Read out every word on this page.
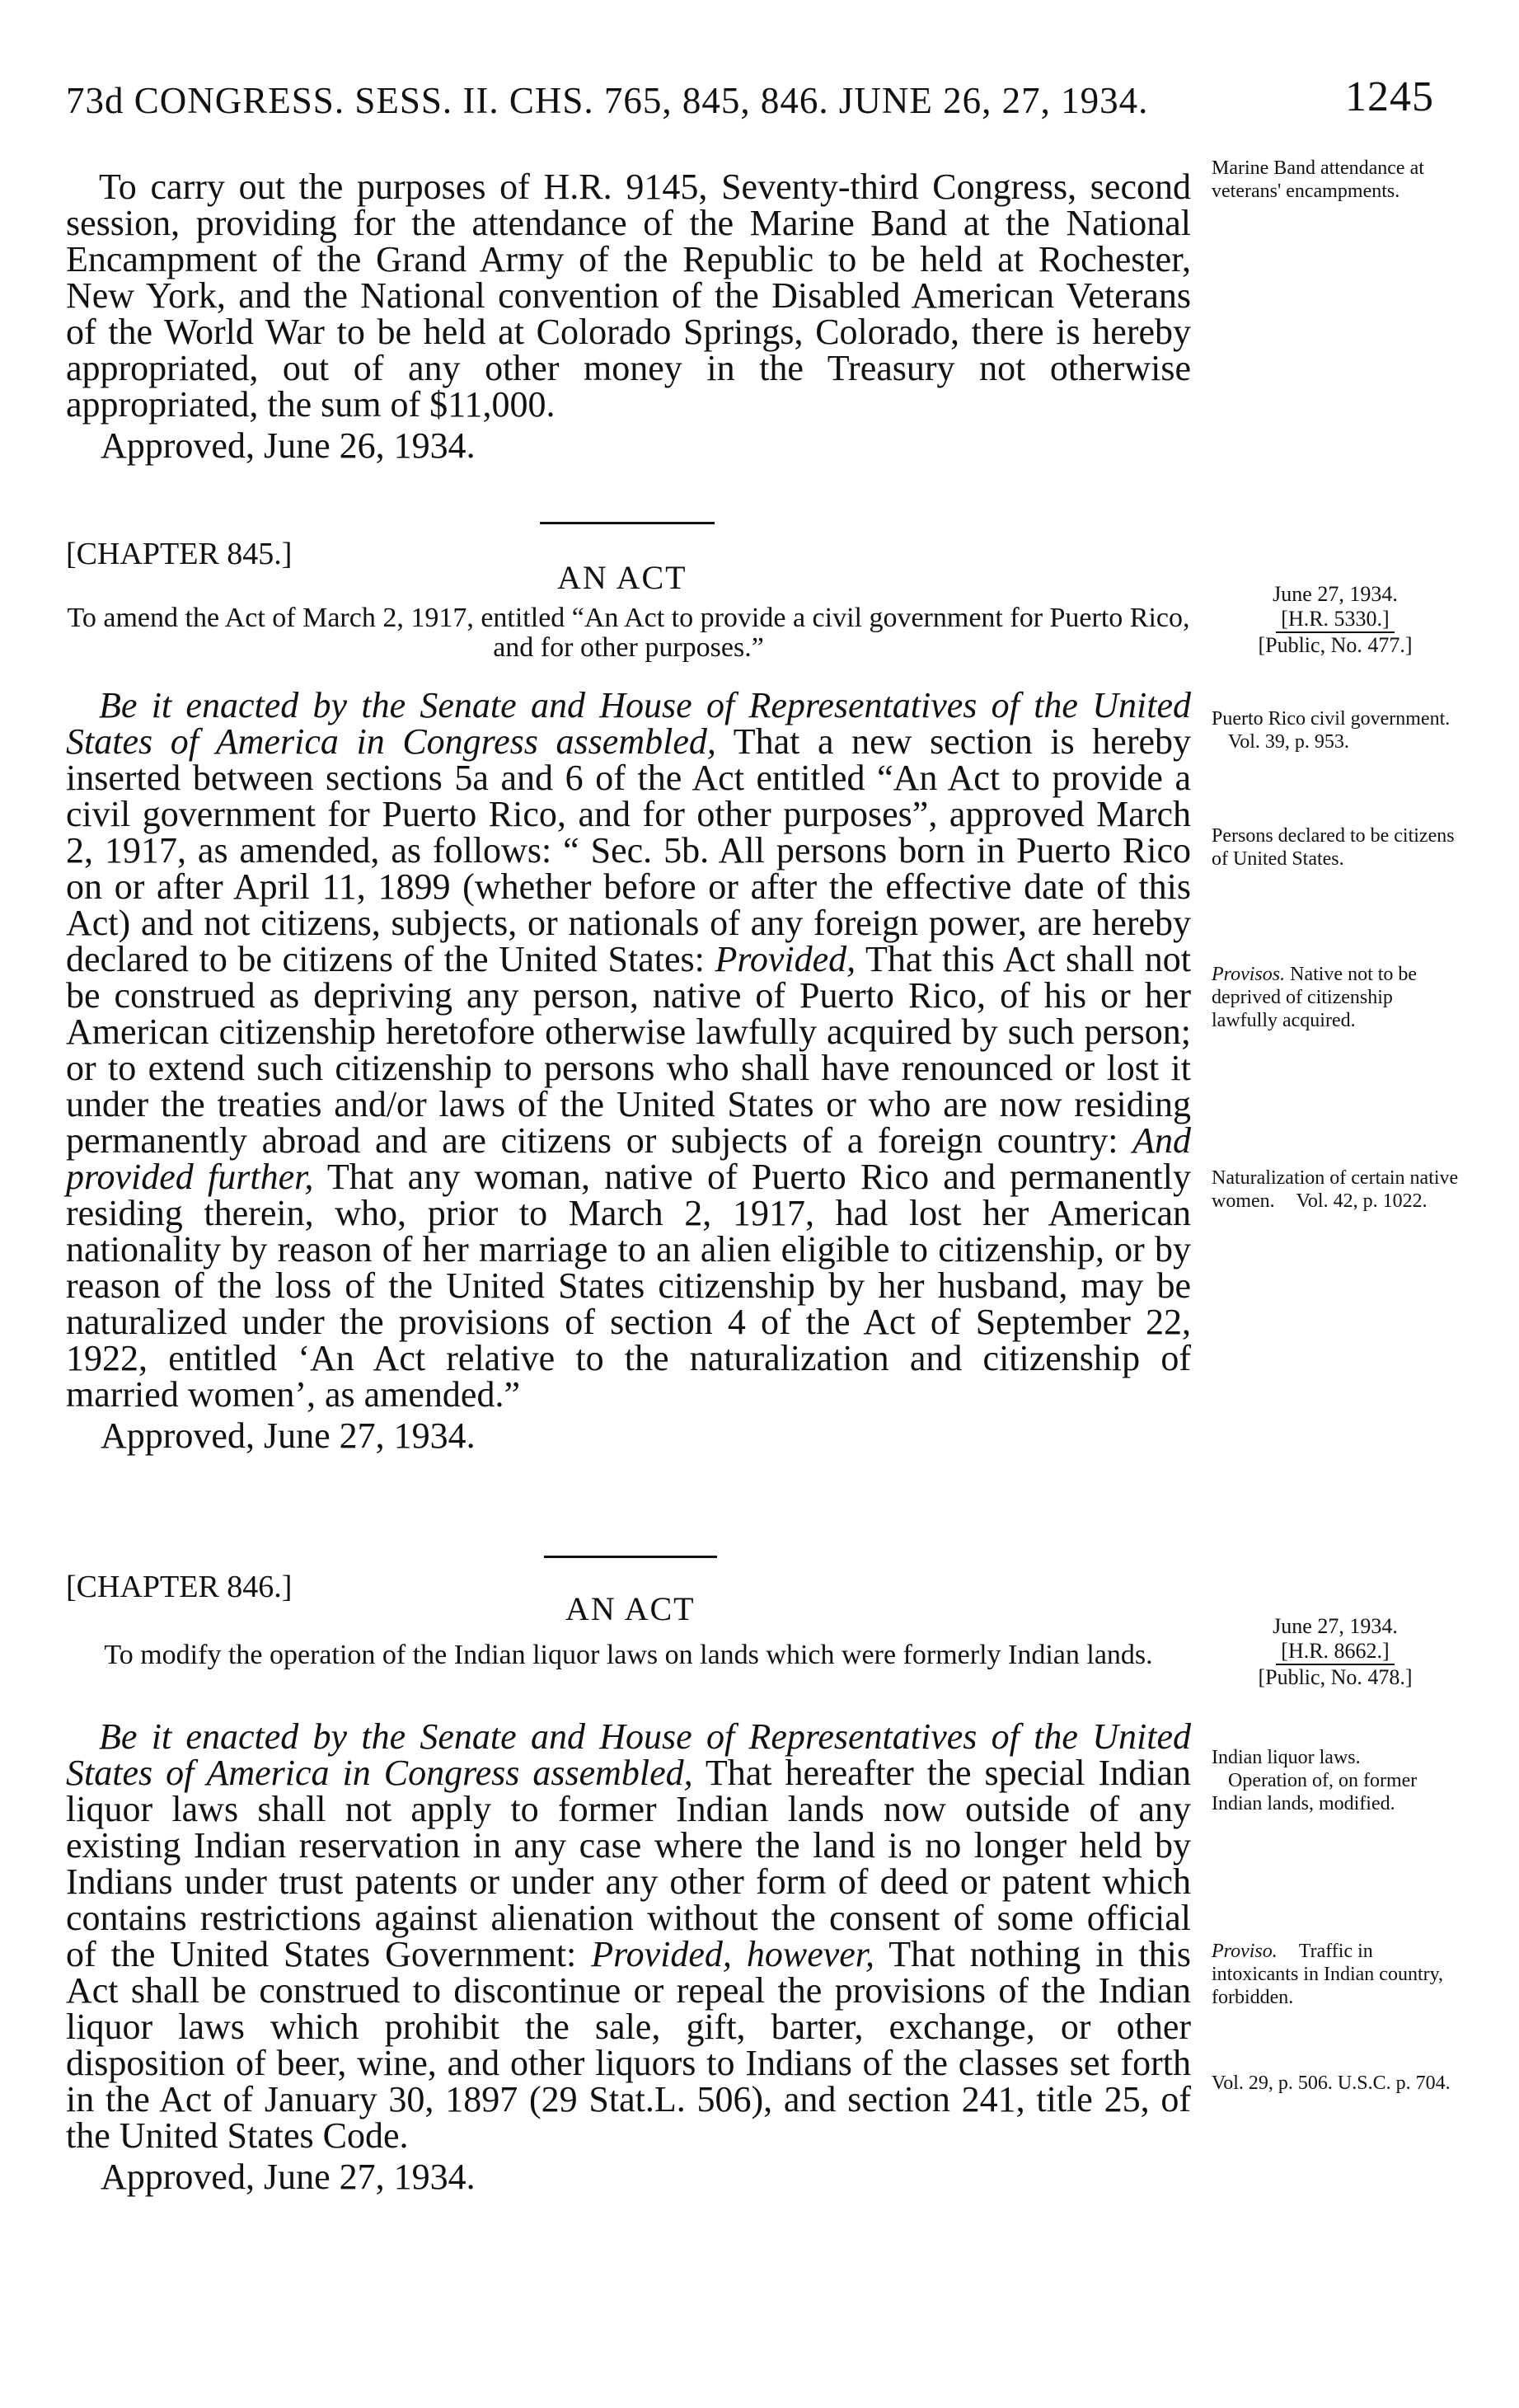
73d CONGRESS. SESS. II. CHS. 765, 845, 846. JUNE 26, 27, 1934.	1245

To carry out the purposes of H.R. 9145, Seventy-third Congress, second session, providing for the attendance of the Marine Band at the National Encampment of the Grand Army of the Republic to be held at Rochester, New York, and the National convention of the Disabled American Veterans of the World War to be held at Colorado Springs, Colorado, there is hereby appropriated, out of any other money in the Treasury not otherwise appropriated, the sum of $11,000.

Approved, June 26, 1934.

Marine Band attendance at veterans' encampments.
[CHAPTER 845.]
AN ACT
To amend the Act of March 2, 1917, entitled “An Act to provide a civil government for Puerto Rico, and for other purposes.”
June 27, 1934.
[H.R. 5330.]
[Public, No. 477.]

Be it enacted by the Senate and House of Representatives of the United States of America in Congress assembled, That a new section is hereby inserted between sections 5a and 6 of the Act entitled “An Act to provide a civil government for Puerto Rico, and for other purposes”, approved March 2, 1917, as amended, as follows: “ Sec. 5b. All persons born in Puerto Rico on or after April 11, 1899 (whether before or after the effective date of this Act) and not citizens, subjects, or nationals of any foreign power, are hereby declared to be citizens of the United States: Provided, That this Act shall not be construed as depriving any person, native of Puerto Rico, of his or her American citizenship heretofore otherwise lawfully acquired by such person; or to extend such citizenship to persons who shall have renounced or lost it under the treaties and/or laws of the United States or who are now residing permanently abroad and are citizens or subjects of a foreign country: And provided further, That any woman, native of Puerto Rico and permanently residing therein, who, prior to March 2, 1917, had lost her American nationality by reason of her marriage to an alien eligible to citizenship, or by reason of the loss of the United States citizenship by her husband, may be naturalized under the provisions of section 4 of the Act of September 22, 1922, entitled ‘An Act relative to the naturalization and citizenship of married women’, as amended.”

Approved, June 27, 1934.

Puerto Rico civil government. Vol. 39, p. 953.
Persons declared to be citizens of United States.
Provisos. Native not to be deprived of citizenship lawfully acquired.
Naturalization of certain native women. Vol. 42, p. 1022.
[CHAPTER 846.]
AN ACT
To modify the operation of the Indian liquor laws on lands which were formerly Indian lands.
June 27, 1934.
[H.R. 8662.]
[Public, No. 478.]

Be it enacted by the Senate and House of Representatives of the United States of America in Congress assembled, That hereafter the special Indian liquor laws shall not apply to former Indian lands now outside of any existing Indian reservation in any case where the land is no longer held by Indians under trust patents or under any other form of deed or patent which contains restrictions against alienation without the consent of some official of the United States Government: Provided, however, That nothing in this Act shall be construed to discontinue or repeal the provisions of the Indian liquor laws which prohibit the sale, gift, barter, exchange, or other disposition of beer, wine, and other liquors to Indians of the classes set forth in the Act of January 30, 1897 (29 Stat.L. 506), and section 241, title 25, of the United States Code.

Approved, June 27, 1934.

Indian liquor laws. Operation of, on former Indian lands, modified.
Proviso. Traffic in intoxicants in Indian country, forbidden.
Vol. 29, p. 506. U.S.C. p. 704.
